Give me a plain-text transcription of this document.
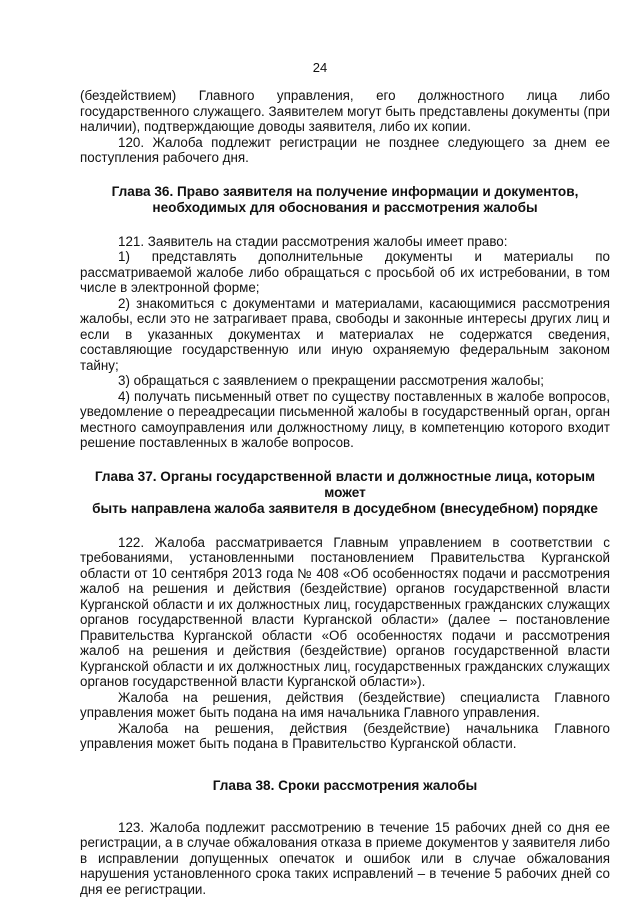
24

(бездействием) Главного управления, его должностного лица либо государственного служащего. Заявителем могут быть представлены документы (при наличии), подтверждающие доводы заявителя, либо их копии.

120. Жалоба подлежит регистрации не позднее следующего за днем ее поступления рабочего дня.

Глава 36. Право заявителя на получение информации и документов,
необходимых для обоснования и рассмотрения жалобы

121. Заявитель на стадии рассмотрения жалобы имеет право:

1) представлять дополнительные документы и материалы по рассматриваемой жалобе либо обращаться с просьбой об их истребовании, в том числе в электронной форме;

2) знакомиться с документами и материалами, касающимися рассмотрения жалобы, если это не затрагивает права, свободы и законные интересы других лиц и если в указанных документах и материалах не содержатся сведения, составляющие государственную или иную охраняемую федеральным законом тайну;

3) обращаться с заявлением о прекращении рассмотрения жалобы;

4) получать письменный ответ по существу поставленных в жалобе вопросов, уведомление о переадресации письменной жалобы в государственный орган, орган местного самоуправления или должностному лицу, в компетенцию которого входит решение поставленных в жалобе вопросов.

Глава 37. Органы государственной власти и должностные лица, которым может
быть направлена жалоба заявителя в досудебном (внесудебном) порядке

122. Жалоба рассматривается Главным управлением в соответствии с требованиями, установленными постановлением Правительства Курганской области от 10 сентября 2013 года № 408 «Об особенностях подачи и рассмотрения жалоб на решения и действия (бездействие) органов государственной власти Курганской области и их должностных лиц, государственных гражданских служащих органов государственной власти Курганской области» (далее – постановление Правительства Курганской области «Об особенностях подачи и рассмотрения жалоб на решения и действия (бездействие) органов государственной власти Курганской области и их должностных лиц, государственных гражданских служащих органов государственной власти Курганской области»).

Жалоба на решения, действия (бездействие) специалиста Главного управления может быть подана на имя начальника Главного управления.

Жалоба на решения, действия (бездействие) начальника Главного управления может быть подана в Правительство Курганской области.

Глава 38. Сроки рассмотрения жалобы

123. Жалоба подлежит рассмотрению в течение 15 рабочих дней со дня ее регистрации, а в случае обжалования отказа в приеме документов у заявителя либо в исправлении допущенных опечаток и ошибок или в случае обжалования нарушения установленного срока таких исправлений – в течение 5 рабочих дней со дня ее регистрации.
